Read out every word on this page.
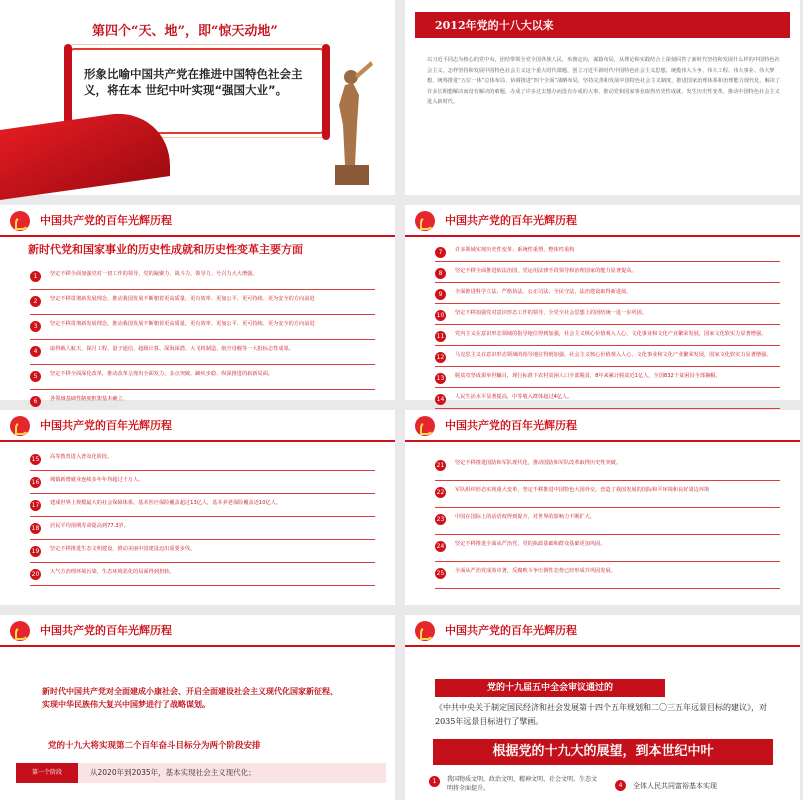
第四个“天、地”，即“惊天动地”
形象比喻中国共产党在推进中国特色社会主义，将在本 世纪中叶实现“强国大业”。
2012年党的十八大以来
以习近平同志为核心的党中央，团结带领全党全国各族人民，举旗定向，谋篇布局，从理论和实践结合上深刻回答了新时代坚持和发展什么样的中国特色社会主义、怎样坚持和发展中国特色社会主义这个重大时代课题，创立习近平新时代中国特色社会主义思想，统揽伟大斗争、伟大工程、伟大事业、伟大梦想，统筹推进“五位一体”总体布局、协调推进“四个全面”战略布局，坚持完善和发展中国特色社会主义制度，推进国家治理体系和治理能力现代化，解决了许多长期想解决而没有解决的难题，办成了许多过去想办而没有办成的大事，推动党和国家事业取得历史性成就、发生历史性变革，推动中国特色社会主义进入新时代。
中国共产党的百年光辉历程
新时代党和国家事业的历史性成就和历史性变革主要方面
1	坚定不移全面加强党对一切工作的领导，党的凝聚力、战斗力、领导力、号召力大大增强。
2	坚定不移贯彻新发展理念，推动我国发展不断朝着更高质量、更有效率、更加公平、更可持续、更为安全的方向前进
3	坚定不移贯彻新发展理念，推动我国发展不断朝着更高质量、更有效率、更加公平、更可持续、更为安全的方向前进
4	取得载人航天、探月工程、量子通信、超级计算、深海深潜、大飞机制造、航空母舰等一大批标志性成果。
5	坚定不移全面深化改革，推动改革呈现出全面发力、多点突破、蹄疾步稳、纵深推进的崭新局面。
6	各领域基础性制度框架基本确立。
中国共产党的百年光辉历程
7	许多领域实现历史性变革、系统性重塑、整体性重构
8	坚定不移全面推进依法治国，党运用法律手段领导和治理国家的能力显著提高。
9	全面推进科学立法、严格执法、公正司法、全民守法，法治建设取得新进展。
10	坚定不移加强党对意识形态工作的领导，全党全社会思想上的团结统一进一步巩固。
11	党内主义在意识形态领域的指导地位得到加强，社会主义核心价值观入人心，文化事业和文化产业繁荣发展，国家文化软实力显著增强。
12	马克思主义在意识形态领域的指导地位得到加强，社会主义核心价值观入人心，文化事业和文化产业繁荣发展，国家文化软实力显著增强。
13	脱贫攻坚成果举世瞩目，现行标准下农村贫困人口全部脱贫，8年来累计脱贫近1亿人，全国832个贫困县全部摘帽。
14	人民生活水平显著提高，中等收入群体超过4亿人。
中国共产党的百年光辉历程
15	高等教育进入普及化阶段。
16	城镇新增就业连续多年年均超过千万人。
17	建成世界上规模最大的社会保障体系，基本医疗保险覆盖超过13亿人，基本养老保险覆盖近10亿人。
18	居民平均预期寿命提高到77.3岁。
19	坚定不移推进生态文明建设，推动美丽中国建设迈出重要步伐。
20	大气方治理环境污染，生态环境恶化的局面得到扭转。
中国共产党的百年光辉历程
21	坚定不移推进国防和军队现代化，推动国防和军队改革取得历史性突破。
22	军队组织形态实现重大变革。坚定不移推进中国特色大国外交，营造了我国发展的国际和平环境和良好周边环境
23	中国在国际上的话语权得到提升，对世界的影响力不断扩大。
24	坚定不移推进全面从严治党，党的执政基础和群众基础更加巩固。
25	全面从严治党成效卓著，反腐败斗争压倒性态势已经形成并巩固发展。
中国共产党的百年光辉历程
新时代中国共产党对全面建成小康社会、开启全面建设社会主义现代化国家新征程、实现中华民族伟大复兴中国梦进行了战略谋划。
党的十九大将实现第二个百年奋斗目标分为两个阶段安排
第一个阶段	从2020年到2035年，基本实现社会主义现代化；
中国共产党的百年光辉历程
党的十九届五中全会审议通过的
《中共中央关于制定国民经济和社会发展第十四个五年规划和二〇三五年远景目标的建议》，对2035年远景目标进行了擘画。
根据党的十九大的展望，到本世纪中叶
1	我国物质文明、政治文明、精神文明、社会文明、生态文明将全面提升。	4	全体人民共同富裕基本实现
